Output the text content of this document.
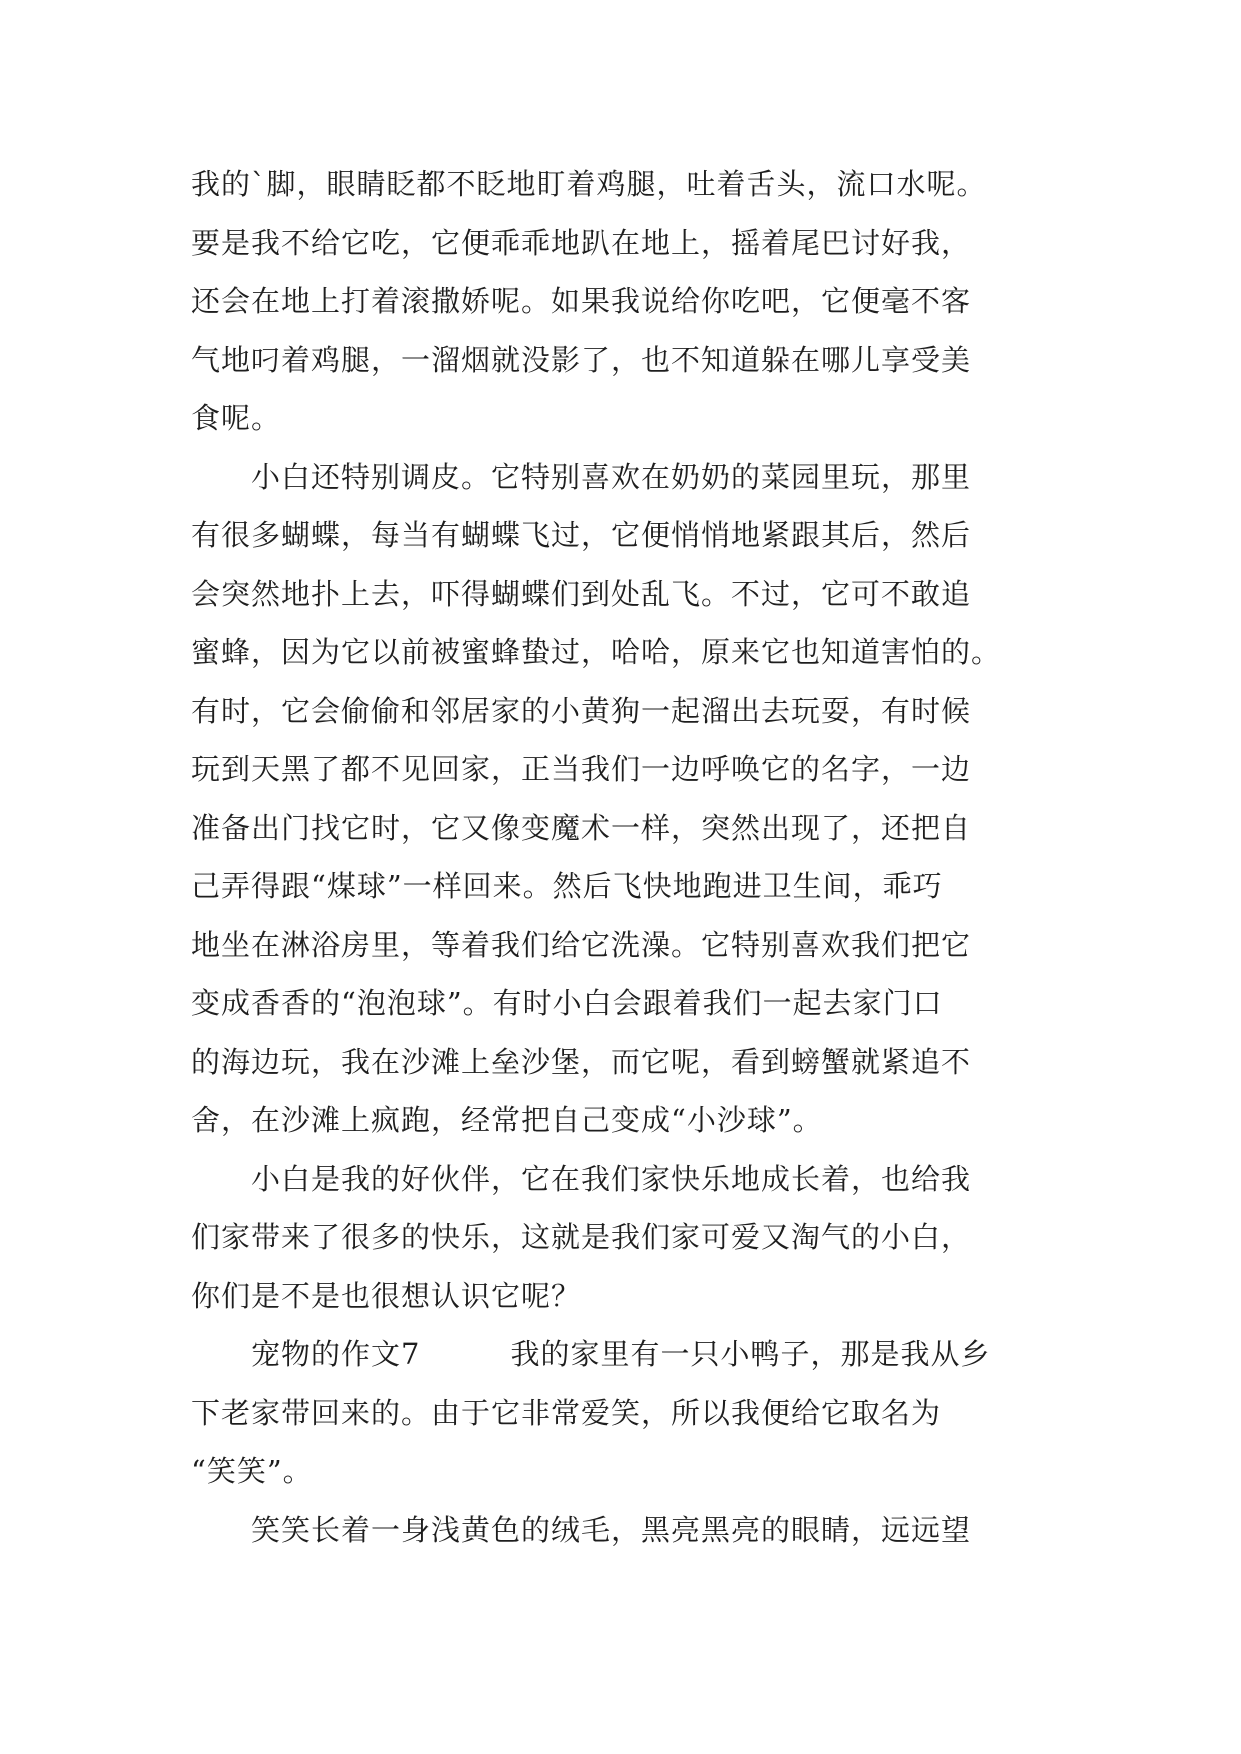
我的`脚，眼睛眨都不眨地盯着鸡腿，吐着舌头，流口水呢。
要是我不给它吃，它便乖乖地趴在地上，摇着尾巴讨好我，
还会在地上打着滚撒娇呢。如果我说给你吃吧，它便毫不客
气地叼着鸡腿，一溜烟就没影了，也不知道躲在哪儿享受美
食呢。
　　小白还特别调皮。它特别喜欢在奶奶的菜园里玩，那里
有很多蝴蝶，每当有蝴蝶飞过，它便悄悄地紧跟其后，然后
会突然地扑上去，吓得蝴蝶们到处乱飞。不过，它可不敢追
蜜蜂，因为它以前被蜜蜂蛰过，哈哈，原来它也知道害怕的。
有时，它会偷偷和邻居家的小黄狗一起溜出去玩耍，有时候
玩到天黑了都不见回家，正当我们一边呼唤它的名字，一边
准备出门找它时，它又像变魔术一样，突然出现了，还把自
己弄得跟“煤球”一样回来。然后飞快地跑进卫生间，乖巧
地坐在淋浴房里，等着我们给它洗澡。它特别喜欢我们把它
变成香香的“泡泡球”。有时小白会跟着我们一起去家门口
的海边玩，我在沙滩上垒沙堡，而它呢，看到螃蟹就紧追不
舍，在沙滩上疯跑，经常把自己变成“小沙球”。
　　小白是我的好伙伴，它在我们家快乐地成长着，也给我
们家带来了很多的快乐，这就是我们家可爱又淘气的小白，
你们是不是也很想认识它呢？
　　宠物的作文7　　　我的家里有一只小鸭子，那是我从乡
下老家带回来的。由于它非常爱笑，所以我便给它取名为
“笑笑”。
　　笑笑长着一身浅黄色的绒毛，黑亮黑亮的眼睛，远远望
